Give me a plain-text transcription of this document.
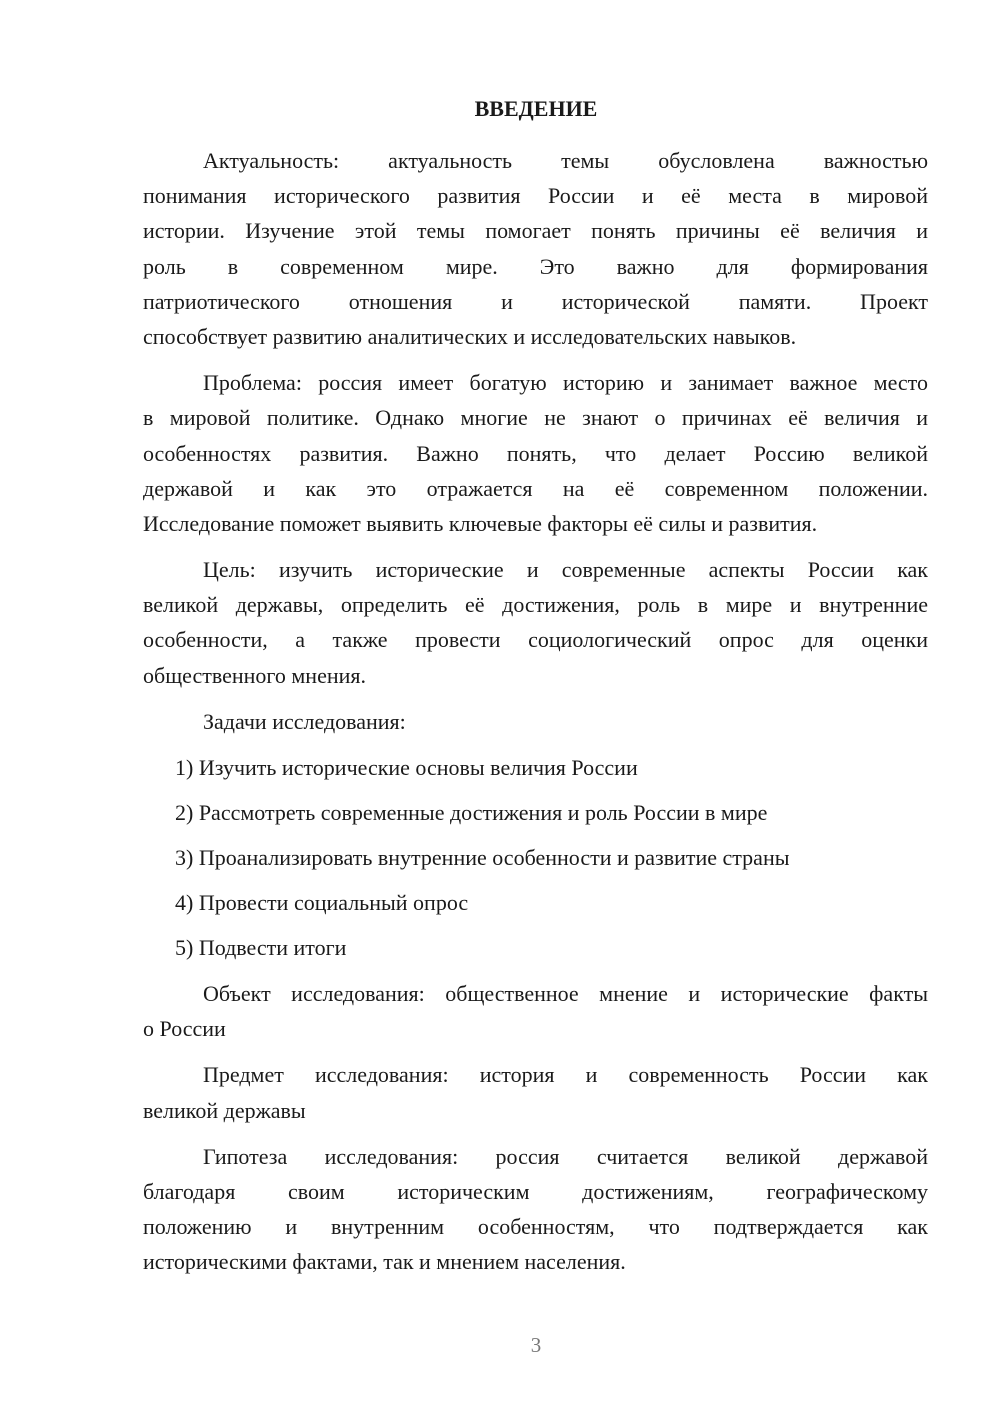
ВВЕДЕНИЕ
Актуальность: актуальность темы обусловлена важностью
понимания исторического развития России и её места в мировой
истории. Изучение этой темы помогает понять причины её величия и
роль в современном мире. Это важно для формирования
патриотического отношения и исторической памяти. Проект
способствует развитию аналитических и исследовательских навыков.
Проблема: россия имеет богатую историю и занимает важное место
в мировой политике. Однако многие не знают о причинах её величия и
особенностях развития. Важно понять, что делает Россию великой
державой и как это отражается на её современном положении.
Исследование поможет выявить ключевые факторы её силы и развития.
Цель: изучить исторические и современные аспекты России как
великой державы, определить её достижения, роль в мире и внутренние
особенности, а также провести социологический опрос для оценки
общественного мнения.
Задачи исследования:
1) Изучить исторические основы величия России
2) Рассмотреть современные достижения и роль России в мире
3) Проанализировать внутренние особенности и развитие страны
4) Провести социальный опрос
5) Подвести итоги
Объект исследования: общественное мнение и исторические факты
о России
Предмет исследования: история и современность России как
великой державы
Гипотеза исследования: россия считается великой державой
благодаря своим историческим достижениям, географическому
положению и внутренним особенностям, что подтверждается как
историческими фактами, так и мнением населения.
3
